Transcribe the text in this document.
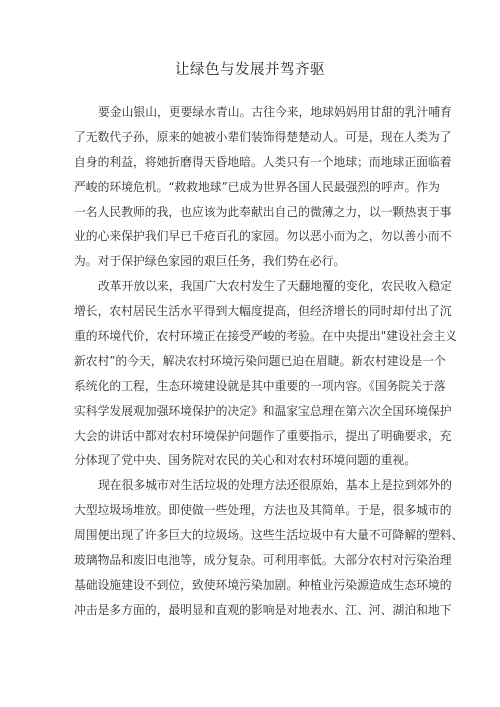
让绿色与发展并驾齐驱
要金山银山，更要绿水青山。古往今来，地球妈妈用甘甜的乳汁哺育
了无数代子孙，原来的她被小辈们装饰得楚楚动人。可是，现在人类为了
自身的利益，将她折磨得天昏地暗。人类只有一个地球；而地球正面临着
严峻的环境危机。“救救地球”已成为世界各国人民最强烈的呼声。作为
一名人民教师的我，也应该为此奉献出自己的微薄之力，以一颗热衷于事
业的心来保护我们早已千疮百孔的家园。勿以恶小而为之，勿以善小而不
为。对于保护绿色家园的艰巨任务，我们势在必行。
改革开放以来，我国广大农村发生了天翻地覆的变化，农民收入稳定
增长，农村居民生活水平得到大幅度提高，但经济增长的同时却付出了沉
重的环境代价，农村环境正在接受严峻的考验。在中央提出"建设社会主义
新农村”的今天，解决农村环境污染问题已迫在眉睫。新农村建设是一个
系统化的工程，生态环境建设就是其中重要的一项内容。《国务院关于落
实科学发展观加强环境保护的决定》和温家宝总理在第六次全国环境保护
大会的讲话中都对农村环境保护问题作了重要指示，提出了明确要求，充
分体现了党中央、国务院对农民的关心和对农村环境问题的重视。
现在很多城市对生活垃圾的处理方法还很原始，基本上是拉到郊外的
大型垃圾场堆放。即使做一些处理，方法也及其简单。于是，很多城市的
周围便出现了许多巨大的垃圾场。这些生活垃圾中有大量不可降解的塑料、
玻璃物品和废旧电池等，成分复杂。可利用率低。大部分农村对污染治理
基础设施建设不到位，致使环境污染加剧。种植业污染源造成生态环境的
冲击是多方面的，最明显和直观的影响是对地表水、江、河、湖泊和地下
